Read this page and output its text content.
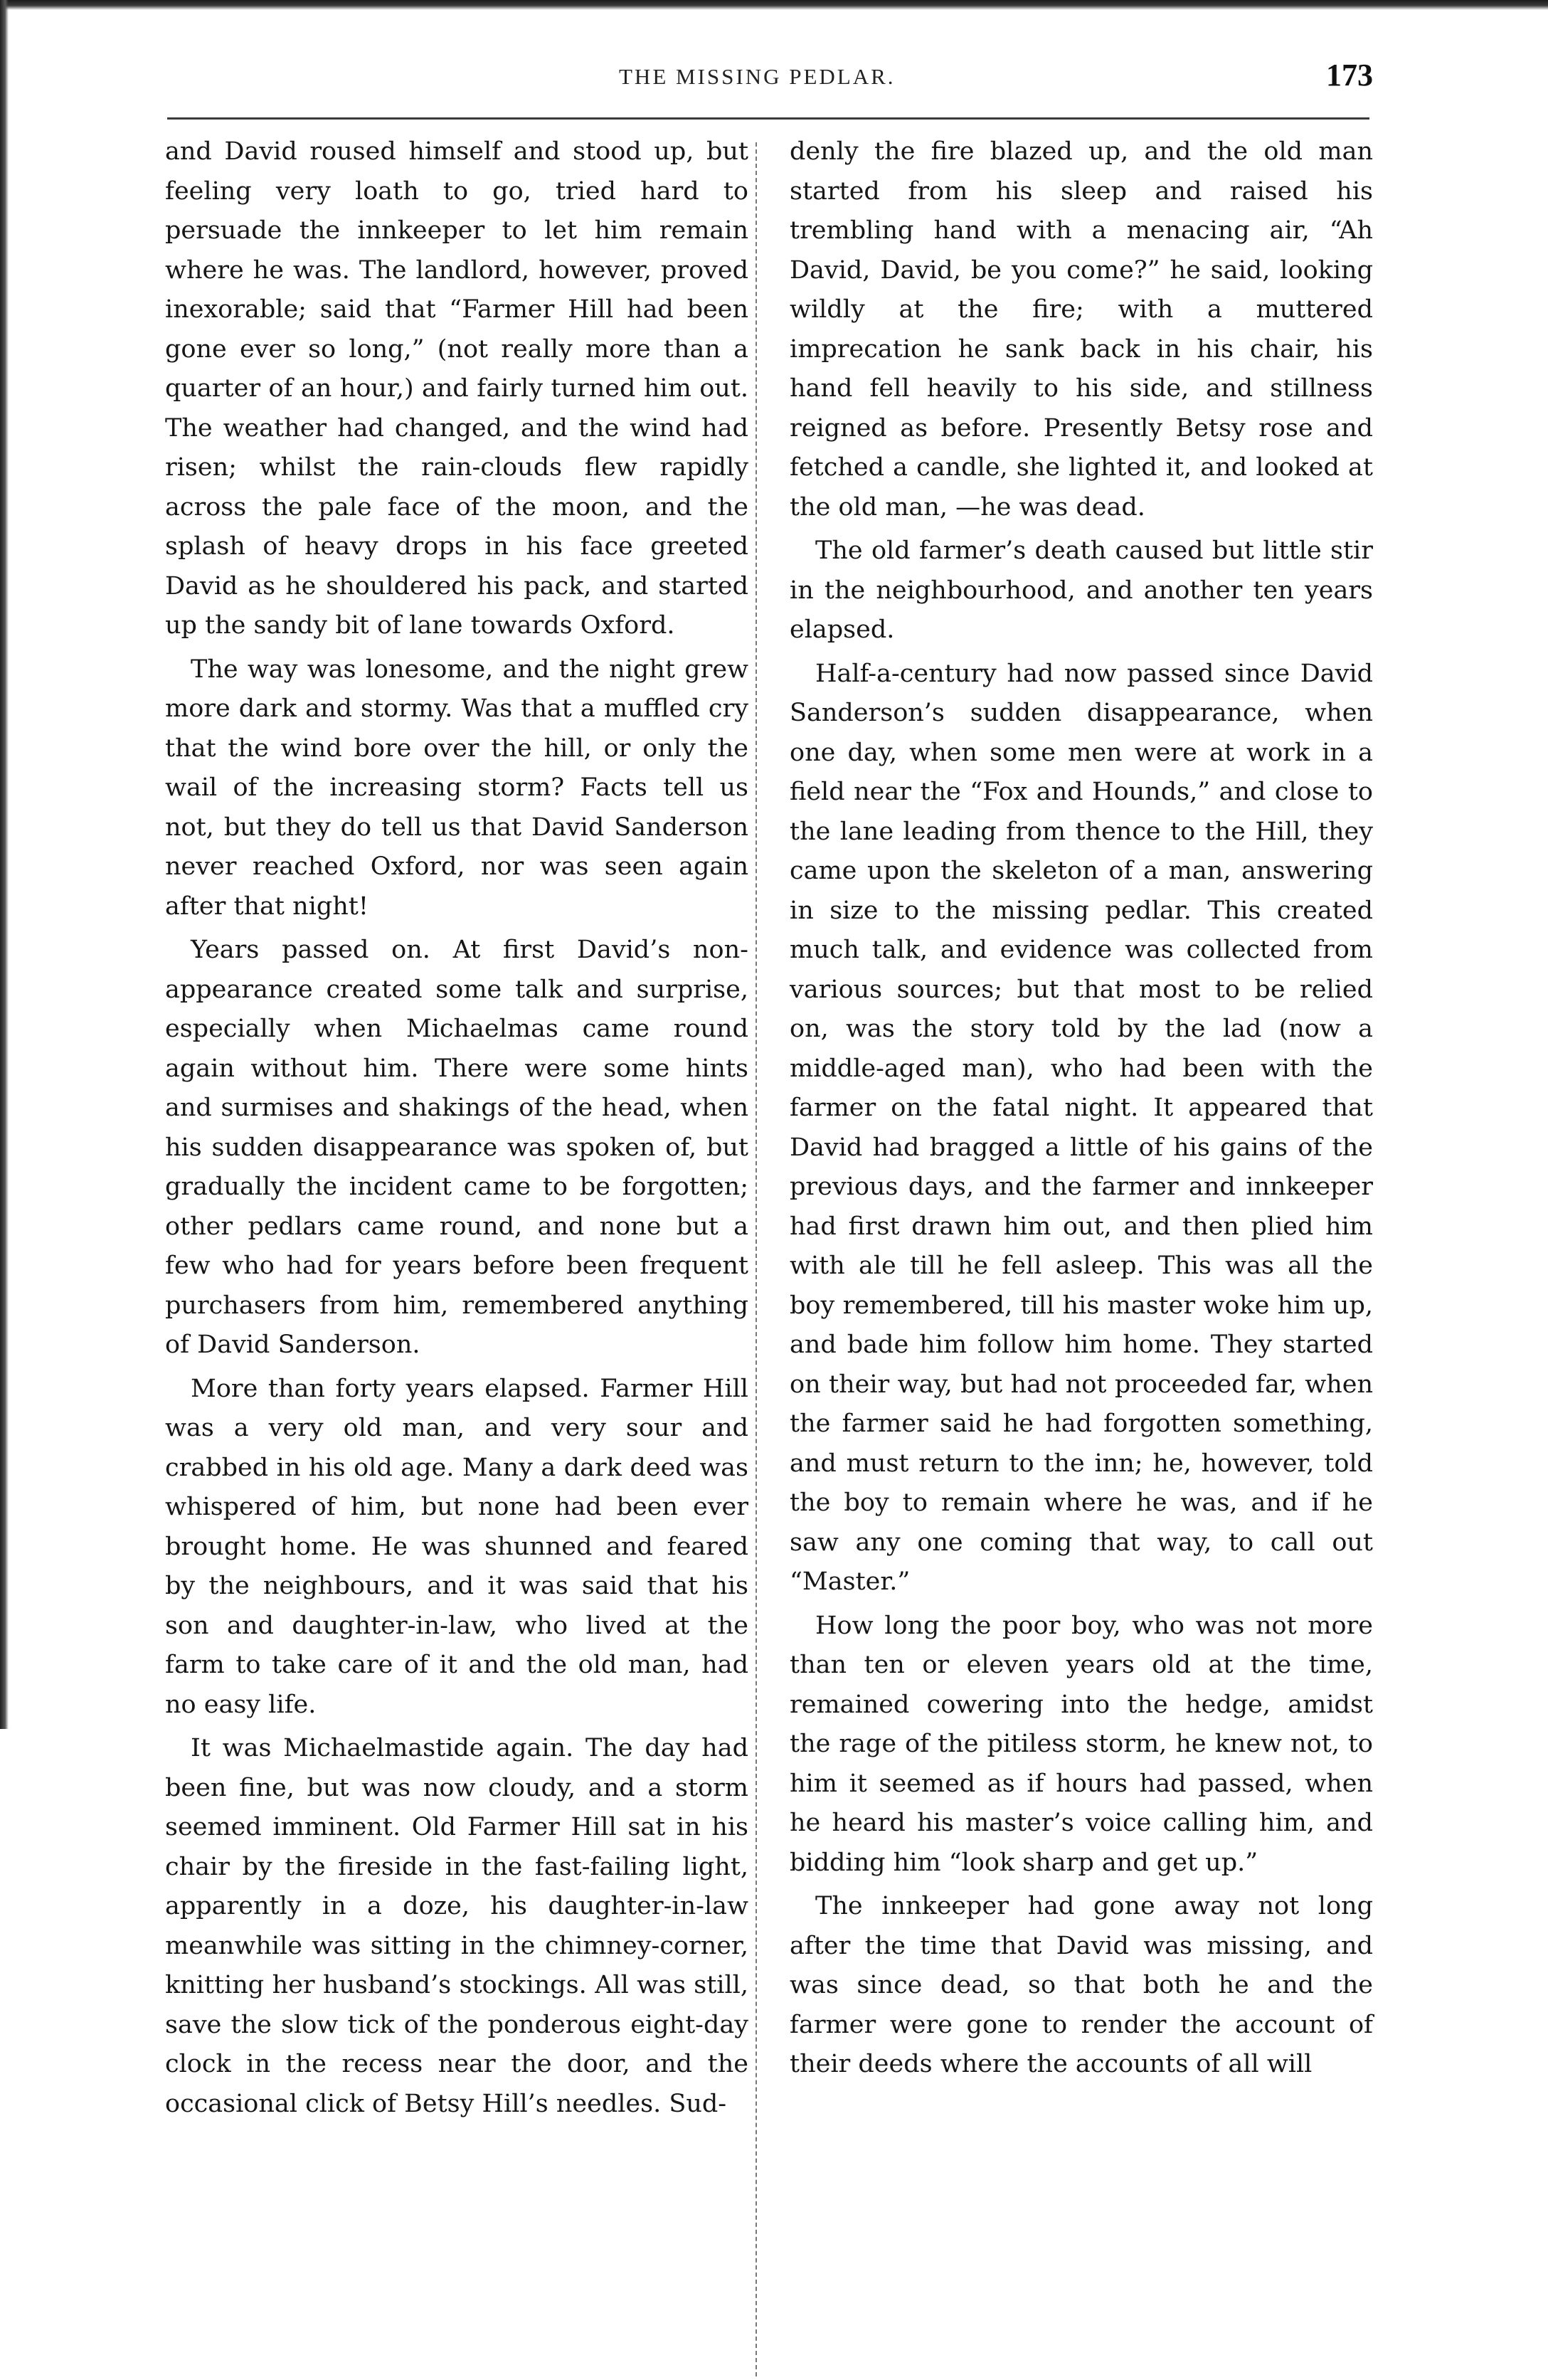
THE MISSING PEDLAR.	173

and David roused himself and stood up, but feeling very loath to go, tried hard to persuade the innkeeper to let him remain where he was. The landlord, however, proved inexorable; said that “Farmer Hill had been gone ever so long,” (not really more than a quarter of an hour,) and fairly turned him out. The weather had changed, and the wind had risen; whilst the rain-clouds flew rapidly across the pale face of the moon, and the splash of heavy drops in his face greeted David as he shouldered his pack, and started up the sandy bit of lane towards Oxford.

The way was lonesome, and the night grew more dark and stormy. Was that a muffled cry that the wind bore over the hill, or only the wail of the increasing storm? Facts tell us not, but they do tell us that David Sanderson never reached Oxford, nor was seen again after that night!

Years passed on. At first David’s non-appearance created some talk and surprise, especially when Michaelmas came round again without him. There were some hints and surmises and shakings of the head, when his sudden disappearance was spoken of, but gradually the incident came to be forgotten; other pedlars came round, and none but a few who had for years before been frequent purchasers from him, remembered anything of David Sanderson.

More than forty years elapsed. Farmer Hill was a very old man, and very sour and crabbed in his old age. Many a dark deed was whispered of him, but none had been ever brought home. He was shunned and feared by the neighbours, and it was said that his son and daughter-in-law, who lived at the farm to take care of it and the old man, had no easy life.

It was Michaelmastide again. The day had been fine, but was now cloudy, and a storm seemed imminent. Old Farmer Hill sat in his chair by the fireside in the fast-failing light, apparently in a doze, his daughter-in-law meanwhile was sitting in the chimney-corner, knitting her husband’s stockings. All was still, save the slow tick of the ponderous eight-day clock in the recess near the door, and the occasional click of Betsy Hill’s needles. Sud-

denly the fire blazed up, and the old man started from his sleep and raised his trembling hand with a menacing air, “Ah David, David, be you come?” he said, looking wildly at the fire; with a muttered imprecation he sank back in his chair, his hand fell heavily to his side, and stillness reigned as before. Presently Betsy rose and fetched a candle, she lighted it, and looked at the old man, —he was dead.

The old farmer’s death caused but little stir in the neighbourhood, and another ten years elapsed.

Half-a-century had now passed since David Sanderson’s sudden disappearance, when one day, when some men were at work in a field near the “Fox and Hounds,” and close to the lane leading from thence to the Hill, they came upon the skeleton of a man, answering in size to the missing pedlar. This created much talk, and evidence was collected from various sources; but that most to be relied on, was the story told by the lad (now a middle-aged man), who had been with the farmer on the fatal night. It appeared that David had bragged a little of his gains of the previous days, and the farmer and innkeeper had first drawn him out, and then plied him with ale till he fell asleep. This was all the boy remembered, till his master woke him up, and bade him follow him home. They started on their way, but had not proceeded far, when the farmer said he had forgotten something, and must return to the inn; he, however, told the boy to remain where he was, and if he saw any one coming that way, to call out “Master.”

How long the poor boy, who was not more than ten or eleven years old at the time, remained cowering into the hedge, amidst the rage of the pitiless storm, he knew not, to him it seemed as if hours had passed, when he heard his master’s voice calling him, and bidding him “look sharp and get up.”

The innkeeper had gone away not long after the time that David was missing, and was since dead, so that both he and the farmer were gone to render the account of their deeds where the accounts of all will
